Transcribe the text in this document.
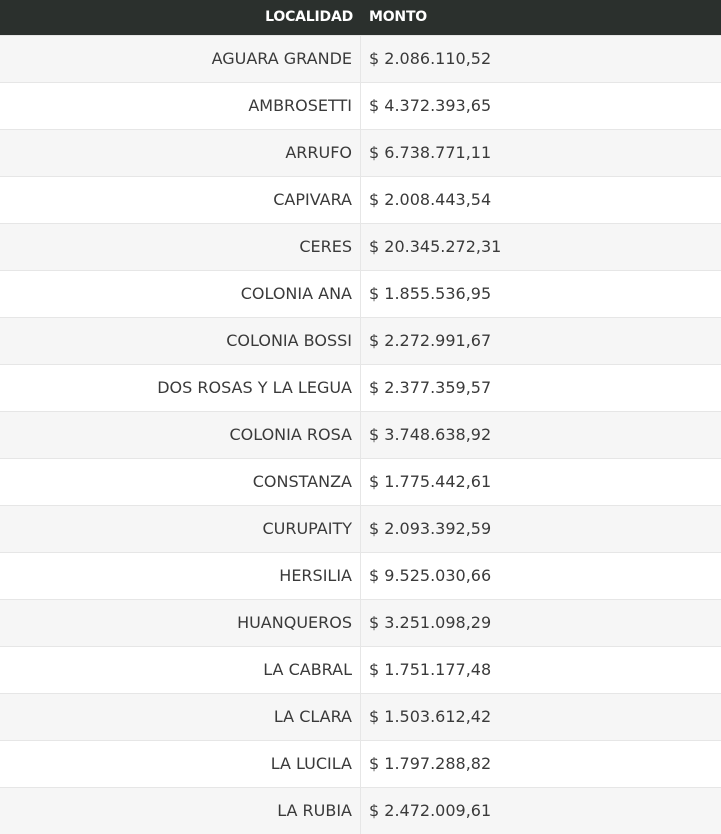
LOCALIDAD	MONTO
AGUARA GRANDE	$ 2.086.110,52
AMBROSETTI	$ 4.372.393,65
ARRUFO	$ 6.738.771,11
CAPIVARA	$ 2.008.443,54
CERES	$ 20.345.272,31
COLONIA ANA	$ 1.855.536,95
COLONIA BOSSI	$ 2.272.991,67
DOS ROSAS Y LA LEGUA	$ 2.377.359,57
COLONIA ROSA	$ 3.748.638,92
CONSTANZA	$ 1.775.442,61
CURUPAITY	$ 2.093.392,59
HERSILIA	$ 9.525.030,66
HUANQUEROS	$ 3.251.098,29
LA CABRAL	$ 1.751.177,48
LA CLARA	$ 1.503.612,42
LA LUCILA	$ 1.797.288,82
LA RUBIA	$ 2.472.009,61
